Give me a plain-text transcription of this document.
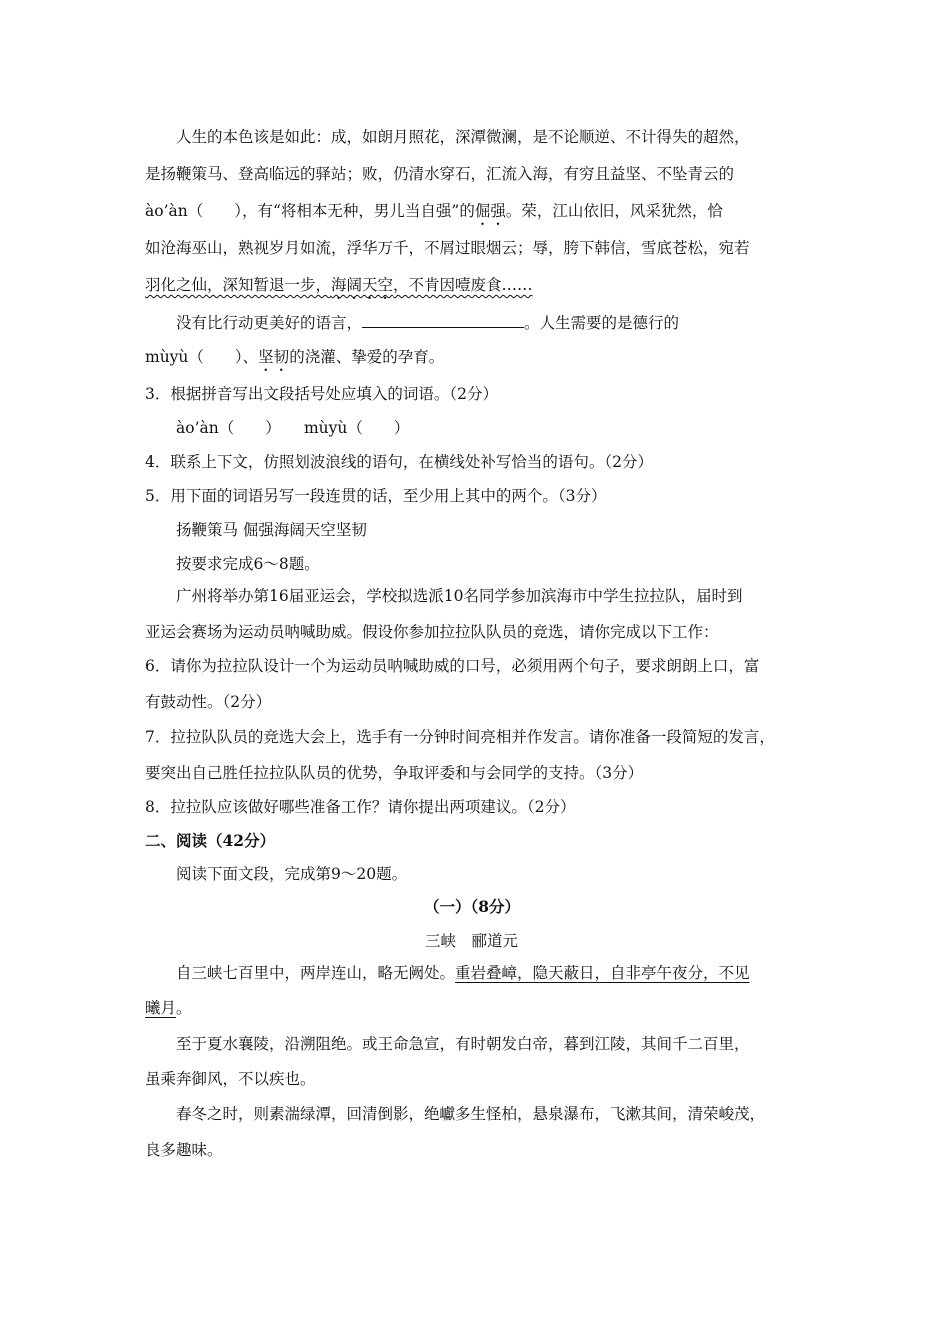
人生的本色该是如此：成，如朗月照花，深潭微澜，是不论顺逆、不计得失的超然，
是扬鞭策马、登高临远的驿站；败，仍清水穿石，汇流入海，有穷且益坚、不坠青云的
ào’àn（　　），有“将相本无种，男儿当自强”的倔强。荣，江山依旧，风采犹然，恰
如沧海巫山，熟视岁月如流，浮华万千，不屑过眼烟云；辱，胯下韩信，雪底苍松，宛若
羽化之仙，深知暂退一步，海阔天空，不肯因噎废食……
没有比行动更美好的语言，	。人生需要的是德行的
mùyù（　　）、坚韧的浇灌、挚爱的孕育。
3．根据拼音写出文段括号处应填入的词语。（2分）
ào’àn（　　）　　mùyù（　　）
4．联系上下文，仿照划波浪线的语句，在横线处补写恰当的语句。（2分）
5．用下面的词语另写一段连贯的话，至少用上其中的两个。（3分）
扬鞭策马 倔强海阔天空坚韧
按要求完成6～8题。
广州将举办第16届亚运会，学校拟选派10名同学参加滨海市中学生拉拉队，届时到
亚运会赛场为运动员呐喊助威。假设你参加拉拉队队员的竞选，请你完成以下工作：
6．请你为拉拉队设计一个为运动员呐喊助威的口号，必须用两个句子，要求朗朗上口，富
有鼓动性。（2分）
7．拉拉队队员的竞选大会上，选手有一分钟时间亮相并作发言。请你准备一段简短的发言，
要突出自己胜任拉拉队队员的优势，争取评委和与会同学的支持。（3分）
8．拉拉队应该做好哪些准备工作？请你提出两项建议。（2分）
二、阅读（42分）
阅读下面文段，完成第9～20题。
（一）（8分）
三峡　郦道元
自三峡七百里中，两岸连山，略无阙处。重岩叠嶂，隐天蔽日，自非亭午夜分，不见
曦月。
至于夏水襄陵，沿溯阻绝。或王命急宣，有时朝发白帝，暮到江陵，其间千二百里，
虽乘奔御风，不以疾也。
春冬之时，则素湍绿潭，回清倒影，绝巘多生怪柏，悬泉瀑布，飞漱其间，清荣峻茂，
良多趣味。
